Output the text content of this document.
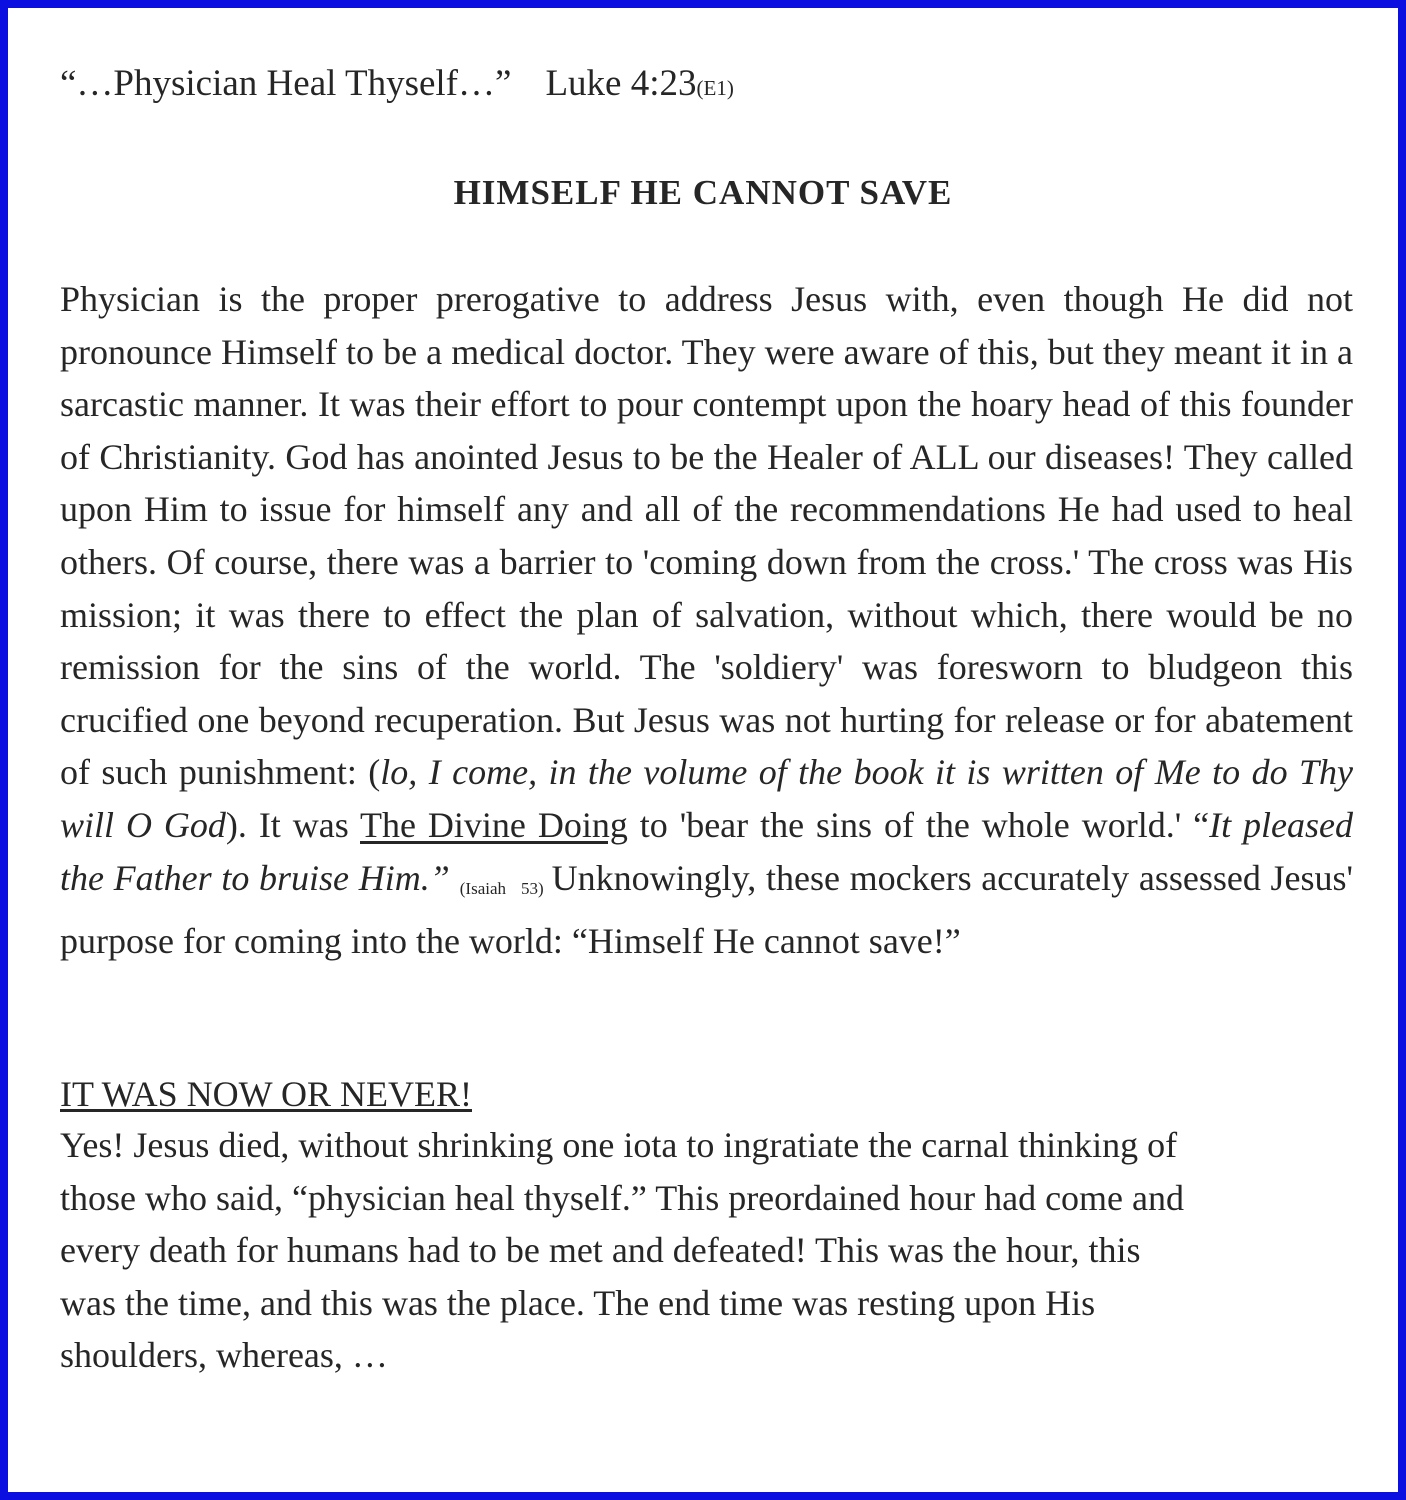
“…Physician Heal Thyself…” Luke 4:23(E1)
HIMSELF HE CANNOT SAVE

Physician is the proper prerogative to address Jesus with, even though He did not pronounce Himself to be a medical doctor. They were aware of this, but they meant it in a sarcastic manner. It was their effort to pour contempt upon the hoary head of this founder of Christianity. God has anointed Jesus to be the Healer of ALL our diseases! They called upon Him to issue for himself any and all of the recommendations He had used to heal others. Of course, there was a barrier to 'coming down from the cross.' The cross was His mission; it was there to effect the plan of salvation, without which, there would be no remission for the sins of the world. The 'soldiery' was foresworn to bludgeon this crucified one beyond recuperation. But Jesus was not hurting for release or for abatement of such punishment: (lo, I come, in the volume of the book it is written of Me to do Thy will O God). It was The Divine Doing to 'bear the sins of the whole world.' “It pleased the Father to bruise Him.” (Isaiah 53) Unknowingly, these mockers accurately assessed Jesus' purpose for coming into the world: “Himself He cannot save!”

IT WAS NOW OR NEVER!

Yes! Jesus died, without shrinking one iota to ingratiate the carnal thinking of
those who said, “physician heal thyself.” This preordained hour had come and
every death for humans had to be met and defeated! This was the hour, this
was the time, and this was the place. The end time was resting upon His
shoulders, whereas, …
